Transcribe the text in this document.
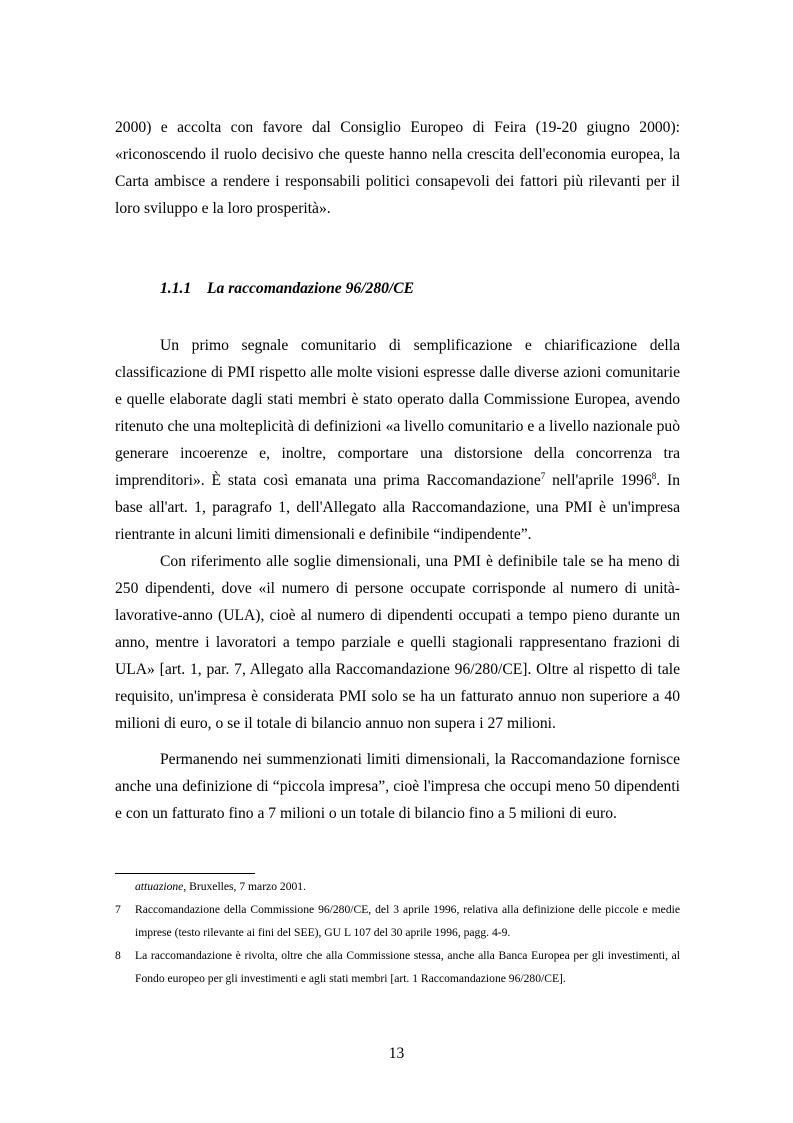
2000) e accolta con favore dal Consiglio Europeo di Feira (19-20 giugno 2000): «riconoscendo il ruolo decisivo che queste hanno nella crescita dell'economia europea, la Carta ambisce a rendere i responsabili politici consapevoli dei fattori più rilevanti per il loro sviluppo e la loro prosperità».

1.1.1 La raccomandazione 96/280/CE

Un primo segnale comunitario di semplificazione e chiarificazione della classificazione di PMI rispetto alle molte visioni espresse dalle diverse azioni comunitarie e quelle elaborate dagli stati membri è stato operato dalla Commissione Europea, avendo ritenuto che una molteplicità di definizioni «a livello comunitario e a livello nazionale può generare incoerenze e, inoltre, comportare una distorsione della concorrenza tra imprenditori». È stata così emanata una prima Raccomandazione$^7$ nell'aprile 1996$^8$. In base all'art. 1, paragrafo 1, dell'Allegato alla Raccomandazione, una PMI è un'impresa rientrante in alcuni limiti dimensionali e definibile “indipendente”.

Con riferimento alle soglie dimensionali, una PMI è definibile tale se ha meno di 250 dipendenti, dove «il numero di persone occupate corrisponde al numero di unità-lavorative-anno (ULA), cioè al numero di dipendenti occupati a tempo pieno durante un anno, mentre i lavoratori a tempo parziale e quelli stagionali rappresentano frazioni di ULA» [art. 1, par. 7, Allegato alla Raccomandazione 96/280/CE]. Oltre al rispetto di tale requisito, un'impresa è considerata PMI solo se ha un fatturato annuo non superiore a 40 milioni di euro, o se il totale di bilancio annuo non supera i 27 milioni.

Permanendo nei summenzionati limiti dimensionali, la Raccomandazione fornisce anche una definizione di “piccola impresa”, cioè l'impresa che occupi meno 50 dipendenti e con un fatturato fino a 7 milioni o un totale di bilancio fino a 5 milioni di euro.

attuazione, Bruxelles, 7 marzo 2001.

7 Raccomandazione della Commissione 96/280/CE, del 3 aprile 1996, relativa alla definizione delle piccole e medie imprese (testo rilevante ai fini del SEE), GU L 107 del 30 aprile 1996, pagg. 4-9.

8 La raccomandazione è rivolta, oltre che alla Commissione stessa, anche alla Banca Europea per gli investimenti, al Fondo europeo per gli investimenti e agli stati membri [art. 1 Raccomandazione 96/280/CE].

13
